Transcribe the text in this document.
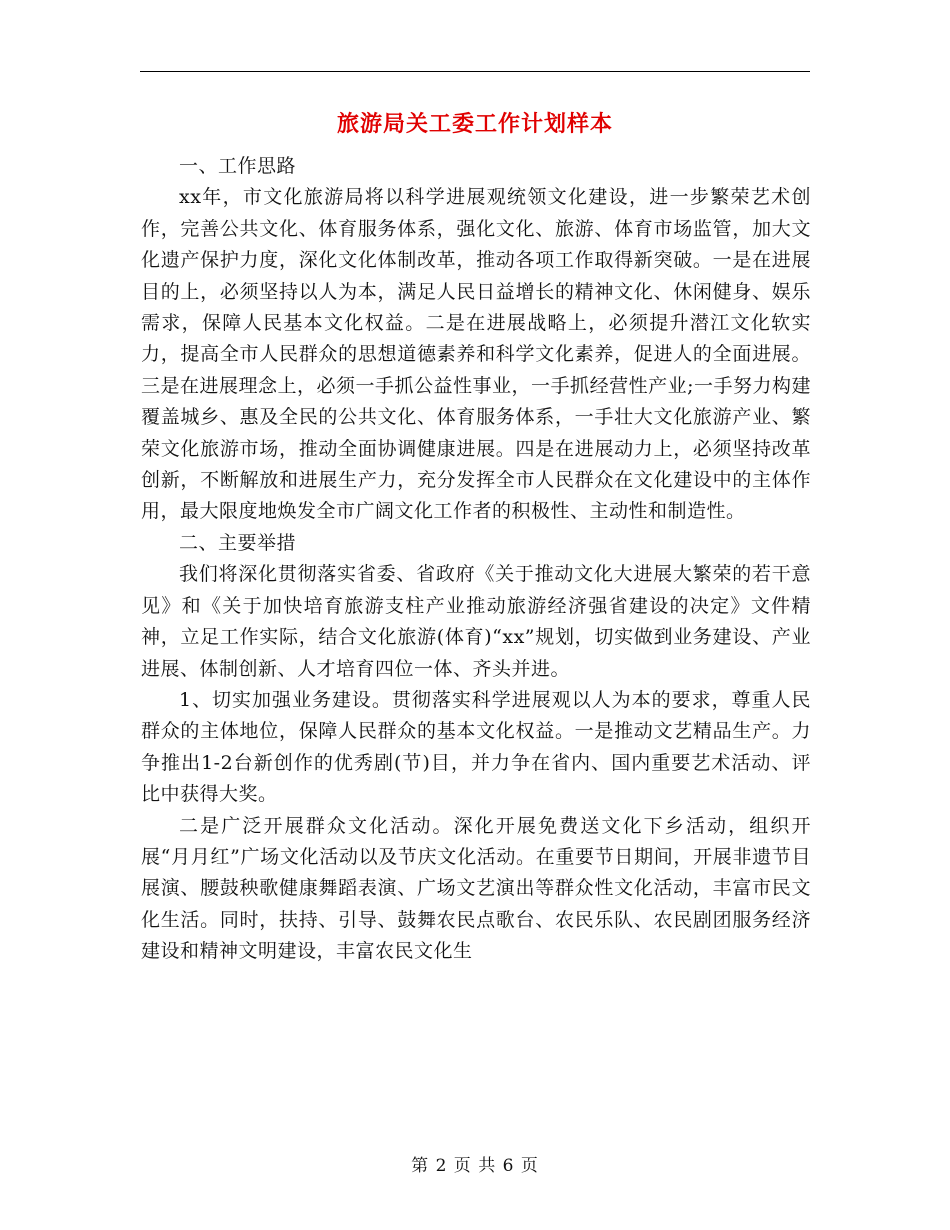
旅游局关工委工作计划样本

一、工作思路

xx年，市文化旅游局将以科学进展观统领文化建设，进一步繁荣艺术创作，完善公共文化、体育服务体系，强化文化、旅游、体育市场监管，加大文化遗产保护力度，深化文化体制改革，推动各项工作取得新突破。一是在进展目的上，必须坚持以人为本，满足人民日益增长的精神文化、休闲健身、娱乐需求，保障人民基本文化权益。二是在进展战略上，必须提升潜江文化软实力，提高全市人民群众的思想道德素养和科学文化素养，促进人的全面进展。三是在进展理念上，必须一手抓公益性事业，一手抓经营性产业;一手努力构建覆盖城乡、惠及全民的公共文化、体育服务体系，一手壮大文化旅游产业、繁荣文化旅游市场，推动全面协调健康进展。四是在进展动力上，必须坚持改革创新，不断解放和进展生产力，充分发挥全市人民群众在文化建设中的主体作用，最大限度地焕发全市广阔文化工作者的积极性、主动性和制造性。

二、主要举措

我们将深化贯彻落实省委、省政府《关于推动文化大进展大繁荣的若干意见》和《关于加快培育旅游支柱产业推动旅游经济强省建设的决定》文件精神，立足工作实际，结合文化旅游(体育)“xx”规划，切实做到业务建设、产业进展、体制创新、人才培育四位一体、齐头并进。

1、切实加强业务建设。贯彻落实科学进展观以人为本的要求，尊重人民群众的主体地位，保障人民群众的基本文化权益。一是推动文艺精品生产。力争推出1-2台新创作的优秀剧(节)目，并力争在省内、国内重要艺术活动、评比中获得大奖。

二是广泛开展群众文化活动。深化开展免费送文化下乡活动，组织开展“月月红”广场文化活动以及节庆文化活动。在重要节日期间，开展非遗节目展演、腰鼓秧歌健康舞蹈表演、广场文艺演出等群众性文化活动，丰富市民文化生活。同时，扶持、引导、鼓舞农民点歌台、农民乐队、农民剧团服务经济建设和精神文明建设，丰富农民文化生

第 2 页 共 6 页
